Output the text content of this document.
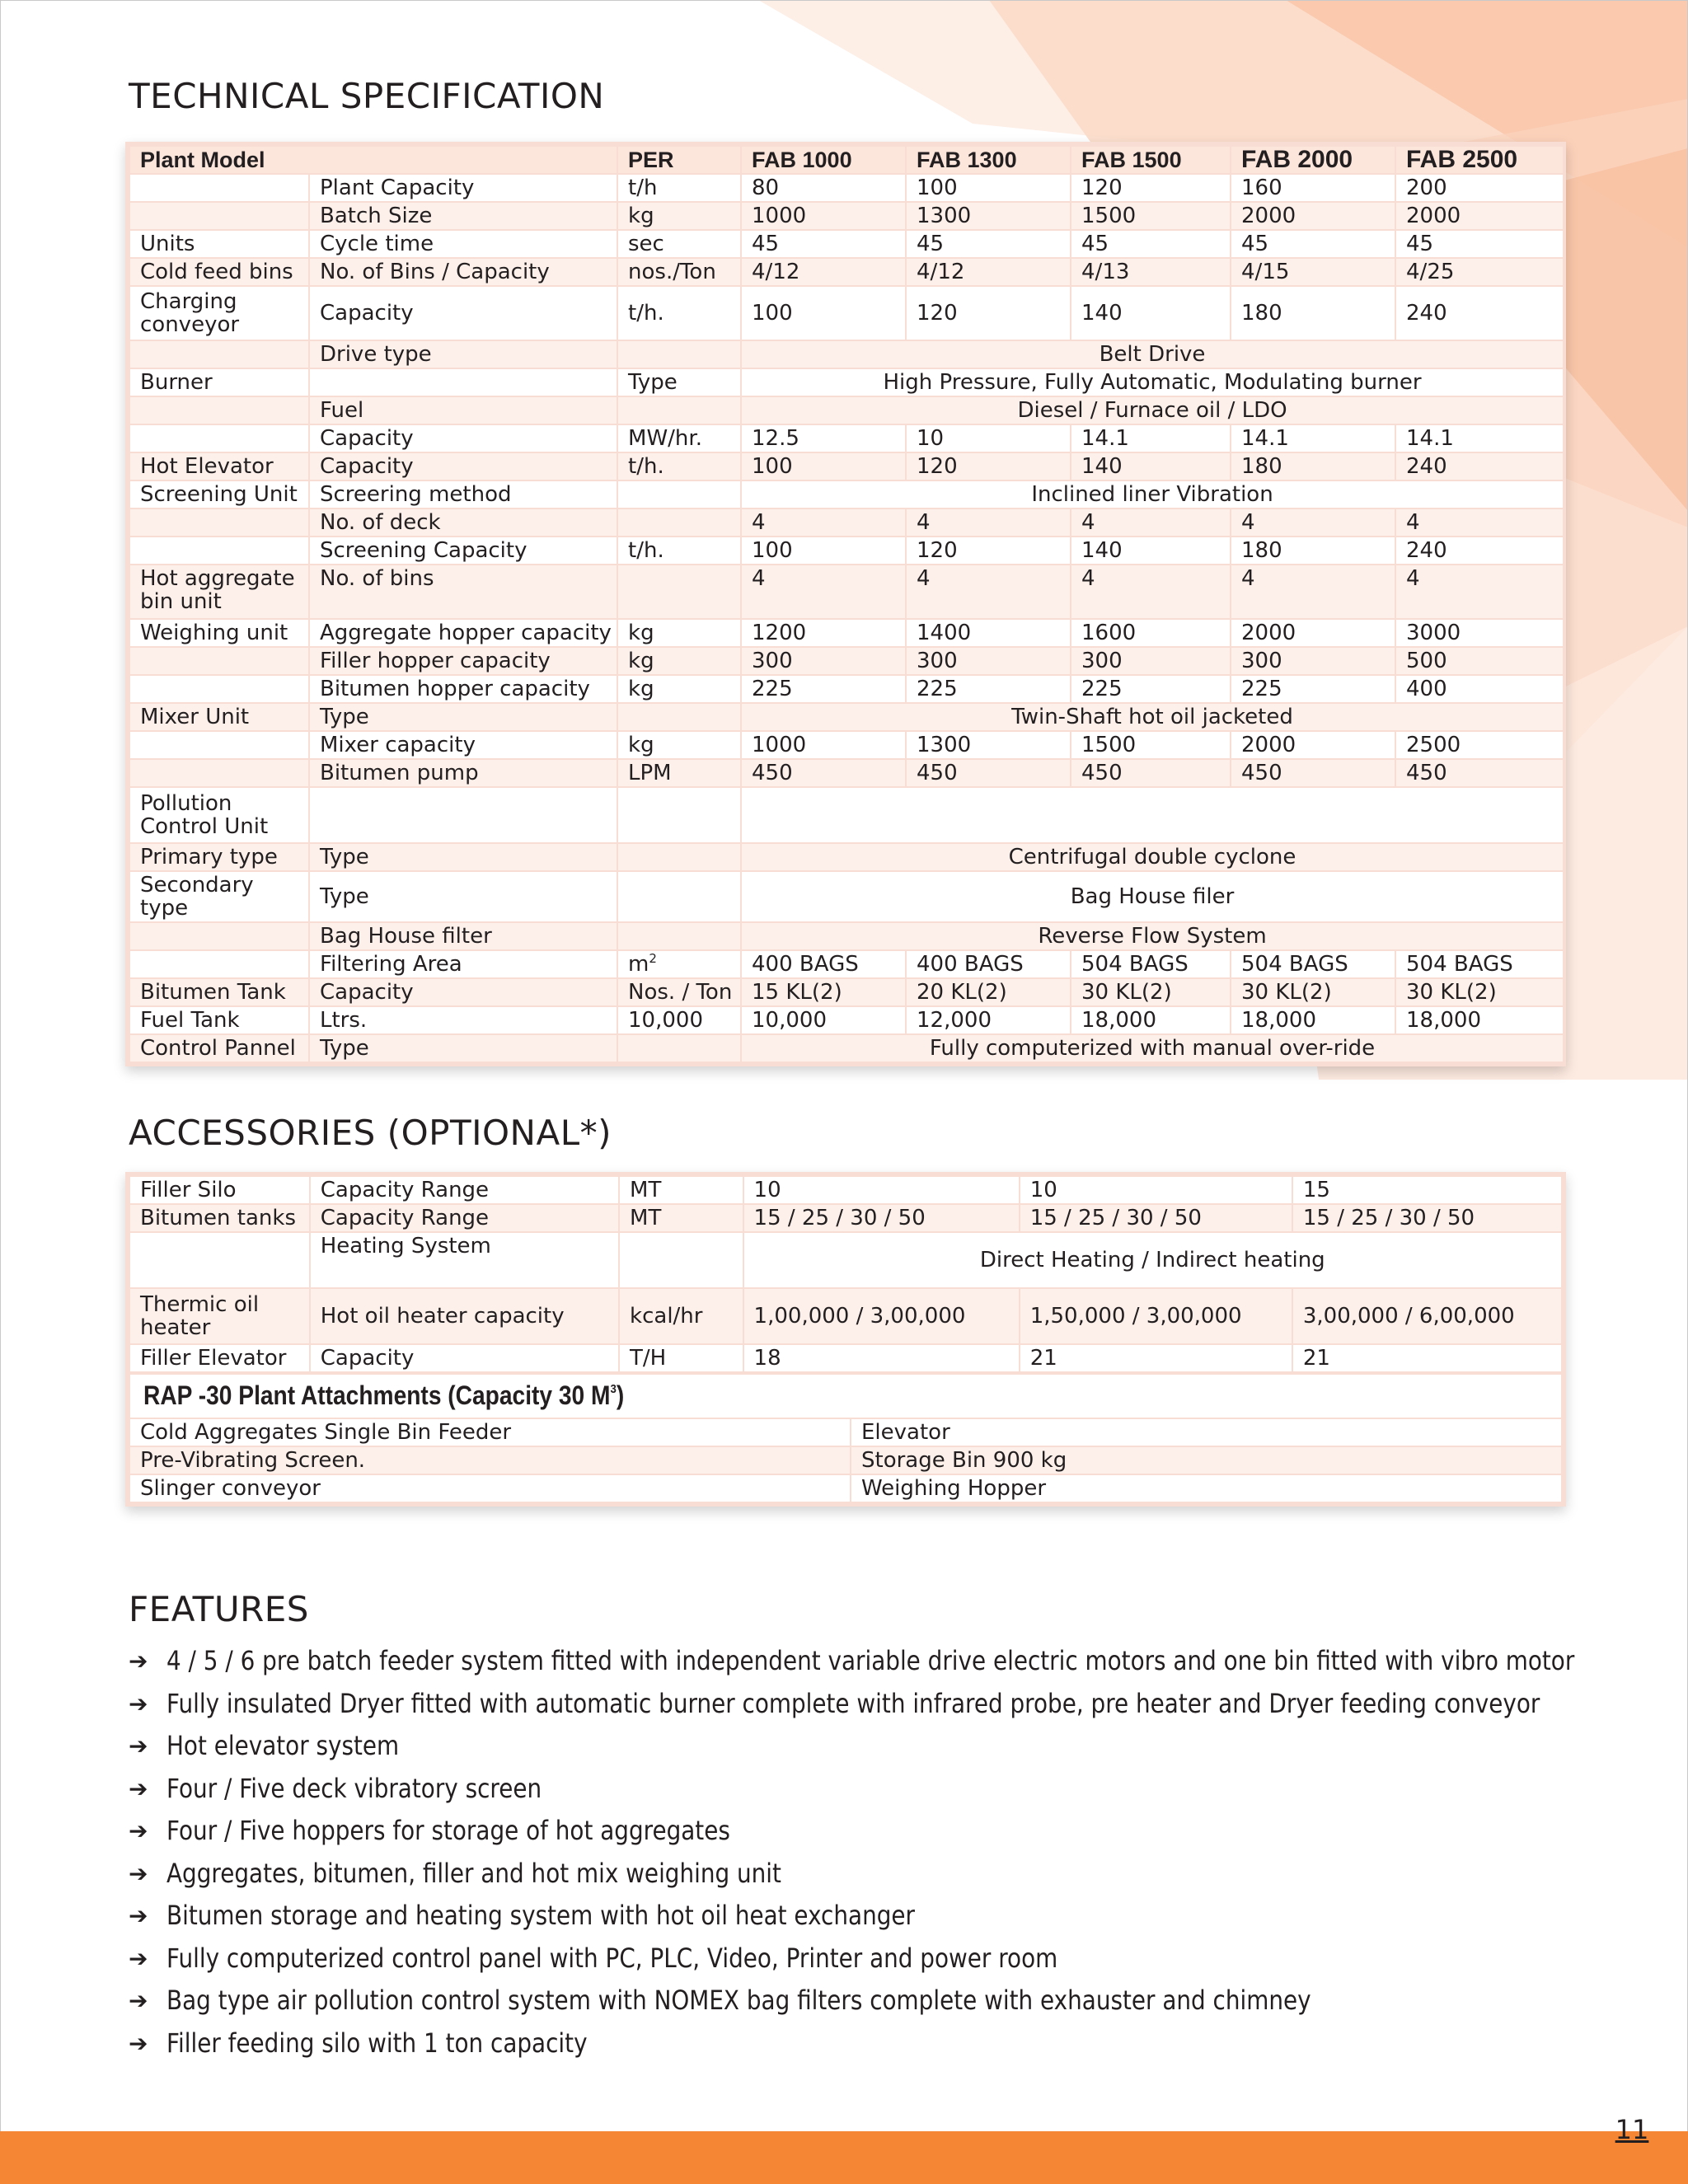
TECHNICAL SPECIFICATION
Plant Model		PER	FAB 1000	FAB 1300	FAB 1500	FAB 2000	FAB 2500
	Plant Capacity	t/h	80	100	120	160	200
	Batch Size	kg	1000	1300	1500	2000	2000
Units	Cycle time	sec	45	45	45	45	45
Cold feed bins	No. of Bins / Capacity	nos./Ton	4/12	4/12	4/13	4/15	4/25
Charging conveyor	Capacity	t/h.	100	120	140	180	240
	Drive type		Belt Drive				
Burner		Type	High Pressure, Fully Automatic, Modulating burner				
	Fuel		Diesel / Furnace oil / LDO				
	Capacity	MW/hr.	12.5	10	14.1	14.1	14.1
Hot Elevator	Capacity	t/h.	100	120	140	180	240
Screening Unit	Screering method		Inclined liner Vibration				
	No. of deck		4	4	4	4	4
	Screening Capacity	t/h.	100	120	140	180	240
Hot aggregate bin unit	No. of bins		4	4	4	4	4
Weighing unit	Aggregate hopper capacity	kg	1200	1400	1600	2000	3000
	Filler hopper capacity	kg	300	300	300	300	500
	Bitumen hopper capacity	kg	225	225	225	225	400
Mixer Unit	Type		Twin-Shaft hot oil jacketed				
	Mixer capacity	kg	1000	1300	1500	2000	2500
	Bitumen pump	LPM	450	450	450	450	450
Pollution Control Unit							
Primary type	Type		Centrifugal double cyclone				
Secondary type	Type		Bag House filer				
	Bag House filter		Reverse Flow System				
	Filtering Area	$m^2$	400 BAGS	400 BAGS	504 BAGS	504 BAGS	504 BAGS
Bitumen Tank	Capacity	Nos. / Ton	15 KL(2)	20 KL(2)	30 KL(2)	30 KL(2)	30 KL(2)
Fuel Tank	Ltrs.	10,000	10,000	12,000	18,000	18,000	18,000
Control Pannel	Type		Fully computerized with manual over-ride				
ACCESSORIES (OPTIONAL*)
Filler Silo	Capacity Range	MT	10	10	15
Bitumen tanks	Capacity Range	MT	15 / 25 / 30 / 50	15 / 25 / 30 / 50	15 / 25 / 30 / 50
	Heating System		Direct Heating / Indirect heating		
Thermic oil heater	Hot oil heater capacity	kcal/hr	1,00,000 / 3,00,000	1,50,000 / 3,00,000	3,00,000 / 6,00,000
Filler Elevator	Capacity	T/H	18	21	21
RAP -30 Plant Attachments (Capacity 30 $M^3$)	
Cold Aggregates Single Bin Feeder	Elevator
Pre-Vibrating Screen.	Storage Bin 900 kg
Slinger conveyor	Weighing Hopper
FEATURES
➔ 4 / 5 / 6 pre batch feeder system fitted with independent variable drive electric motors and one bin fitted with vibro motor
➔ Fully insulated Dryer fitted with automatic burner complete with infrared probe, pre heater and Dryer feeding conveyor
➔ Hot elevator system
➔ Four / Five deck vibratory screen
➔ Four / Five hoppers for storage of hot aggregates
➔ Aggregates, bitumen, filler and hot mix weighing unit
➔ Bitumen storage and heating system with hot oil heat exchanger
➔ Fully computerized control panel with PC, PLC, Video, Printer and power room
➔ Bag type air pollution control system with NOMEX bag filters complete with exhauster and chimney
➔ Filler feeding silo with 1 ton capacity
11
